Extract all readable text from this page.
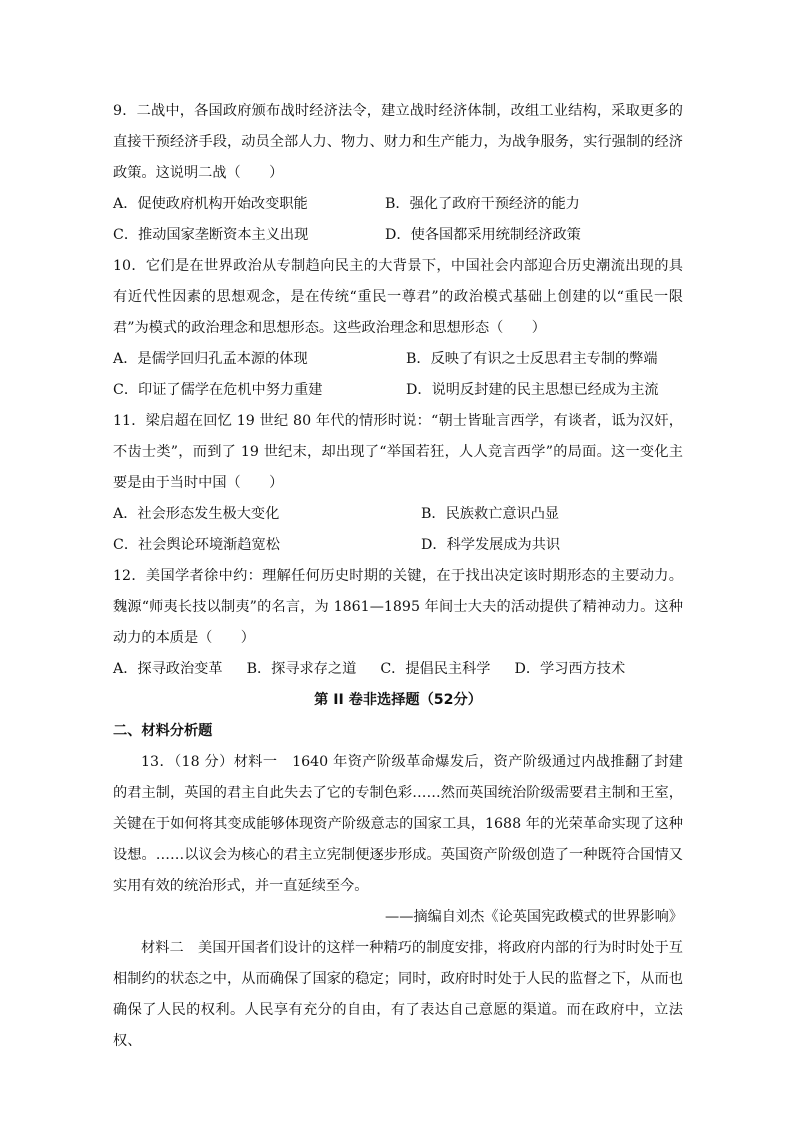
9．二战中，各国政府颁布战时经济法令，建立战时经济体制，改组工业结构，采取更多的直接干预经济手段，动员全部人力、物力、财力和生产能力，为战争服务，实行强制的经济政策。这说明二战（　　）

A．促使政府机构开始改变职能	B．强化了政府干预经济的能力
C．推动国家垄断资本主义出现	D．使各国都采用统制经济政策

10．它们是在世界政治从专制趋向民主的大背景下，中国社会内部迎合历史潮流出现的具有近代性因素的思想观念，是在传统“重民一尊君”的政治模式基础上创建的以“重民一限君”为模式的政治理念和思想形态。这些政治理念和思想形态（　　）

A．是儒学回归孔孟本源的体现	B．反映了有识之士反思君主专制的弊端
C．印证了儒学在危机中努力重建	D．说明反封建的民主思想已经成为主流

11．梁启超在回忆 19 世纪 80 年代的情形时说：“朝士皆耻言西学，有谈者，诋为汉奸，不齿士类”，而到了 19 世纪末，却出现了“举国若狂，人人竞言西学”的局面。这一变化主要是由于当时中国（　　）

A．社会形态发生极大变化	B．民族救亡意识凸显
C．社会舆论环境渐趋宽松	D．科学发展成为共识

12．美国学者徐中约：理解任何历史时期的关键，在于找出决定该时期形态的主要动力。魏源“师夷长技以制夷”的名言，为 1861—1895 年间士大夫的活动提供了精神动力。这种动力的本质是（　　）

A．探寻政治变革 B．探寻求存之道 C．提倡民主科学 D．学习西方技术

第 II 卷非选择题（52分）

二、材料分析题

13．（18 分）材料一　1640 年资产阶级革命爆发后，资产阶级通过内战推翻了封建的君主制，英国的君主自此失去了它的专制色彩……然而英国统治阶级需要君主制和王室，关键在于如何将其变成能够体现资产阶级意志的国家工具，1688 年的光荣革命实现了这种设想。……以议会为核心的君主立宪制便逐步形成。英国资产阶级创造了一种既符合国情又实用有效的统治形式，并一直延续至今。

——摘编自刘杰《论英国宪政模式的世界影响》

材料二　美国开国者们设计的这样一种精巧的制度安排，将政府内部的行为时时处于互相制约的状态之中，从而确保了国家的稳定；同时，政府时时处于人民的监督之下，从而也确保了人民的权利。人民享有充分的自由，有了表达自己意愿的渠道。而在政府中，立法权、
